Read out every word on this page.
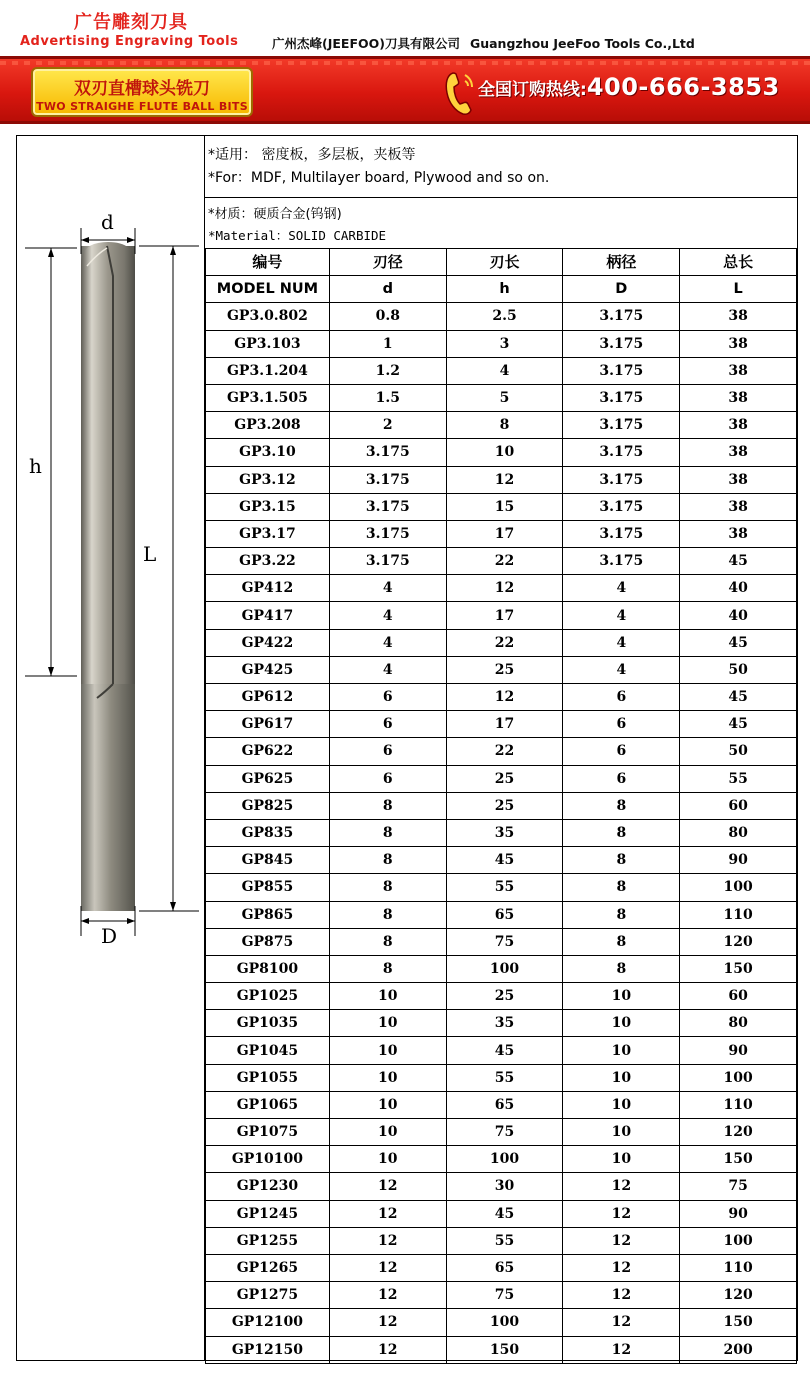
广告雕刻刀具
Advertising Engraving Tools	广州杰峰(JEEFOO)刀具有限公司 Guangzhou JeeFoo Tools Co.,Ltd
双刃直槽球头铣刀
TWO STRAIGHE FLUTE BALL BITS
全国订购热线:400-666-3853
d
h
L
D
*适用： 密度板，多层板，夹板等
*For：MDF, Multilayer board, Plywood and so on.
*材质：硬质合金(钨钢)
*Material：SOLID CARBIDE
编号	刃径	刃长	柄径	总长
MODEL NUM	d	h	D	L
GP3.0.802	0.8	2.5	3.175	38
GP3.103	1	3	3.175	38
GP3.1.204	1.2	4	3.175	38
GP3.1.505	1.5	5	3.175	38
GP3.208	2	8	3.175	38
GP3.10	3.175	10	3.175	38
GP3.12	3.175	12	3.175	38
GP3.15	3.175	15	3.175	38
GP3.17	3.175	17	3.175	38
GP3.22	3.175	22	3.175	45
GP412	4	12	4	40
GP417	4	17	4	40
GP422	4	22	4	45
GP425	4	25	4	50
GP612	6	12	6	45
GP617	6	17	6	45
GP622	6	22	6	50
GP625	6	25	6	55
GP825	8	25	8	60
GP835	8	35	8	80
GP845	8	45	8	90
GP855	8	55	8	100
GP865	8	65	8	110
GP875	8	75	8	120
GP8100	8	100	8	150
GP1025	10	25	10	60
GP1035	10	35	10	80
GP1045	10	45	10	90
GP1055	10	55	10	100
GP1065	10	65	10	110
GP1075	10	75	10	120
GP10100	10	100	10	150
GP1230	12	30	12	75
GP1245	12	45	12	90
GP1255	12	55	12	100
GP1265	12	65	12	110
GP1275	12	75	12	120
GP12100	12	100	12	150
GP12150	12	150	12	200
